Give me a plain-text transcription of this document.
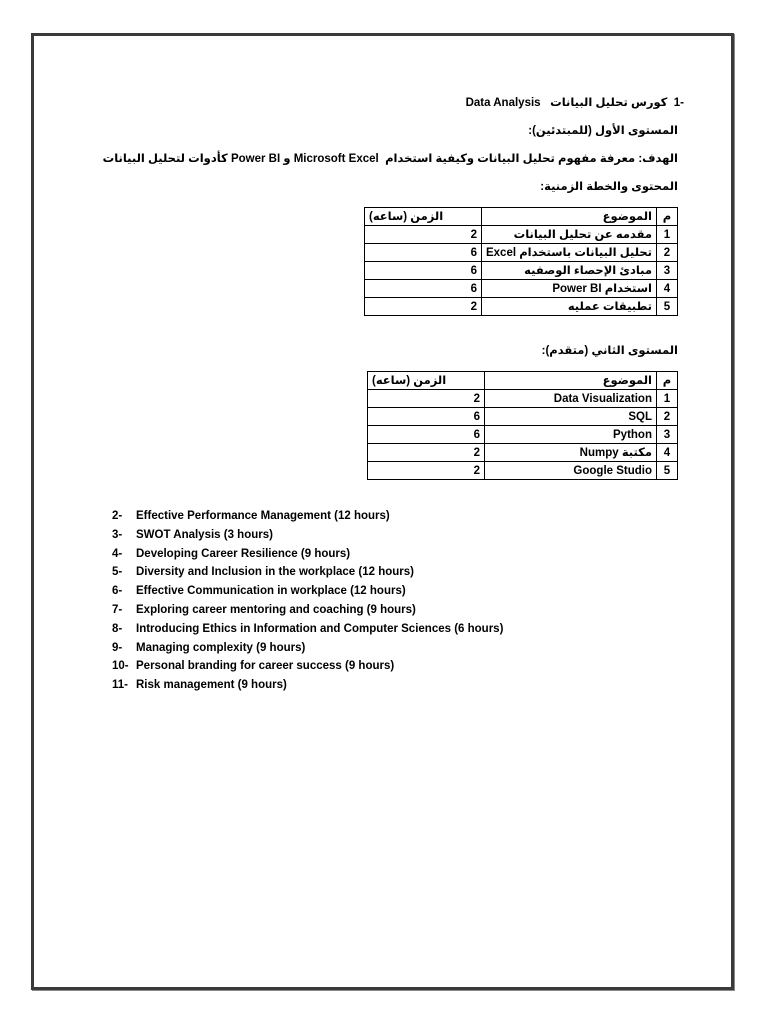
-1  كورس تحليل البيانات   Data Analysis
المستوى الأول (للمبتدئين):
الهدف: معرفة مفهوم تحليل البيانات وكيفية استخدام  Microsoft Excel و Power BI كأدوات لتحليل البيانات
المحتوى والخطة الزمنية:
م	الموضوع	الزمن (ساعه)
1	مقدمه عن تحليل البيانات	2
2	تحليل البيانات باستخدام Excel	6
3	مبادئ الإحصاء الوصفيه	6
4	استخدام Power BI	6
5	تطبيقات عمليه	2
المستوى الثاني (متقدم):
م	الموضوع	الزمن (ساعه)
1	Data Visualization	2
2	SQL	6
3	Python	6
4	مكتبة Numpy	2
5	Google Studio	2
2- Effective Performance Management (12 hours)
3- SWOT Analysis (3 hours)
4- Developing Career Resilience (9 hours)
5- Diversity and Inclusion in the workplace (12 hours)
6- Effective Communication in workplace (12 hours)
7- Exploring career mentoring and coaching (9 hours)
8- Introducing Ethics in Information and Computer Sciences (6 hours)
9- Managing complexity (9 hours)
10- Personal branding for career success (9 hours)
11- Risk management (9 hours)
